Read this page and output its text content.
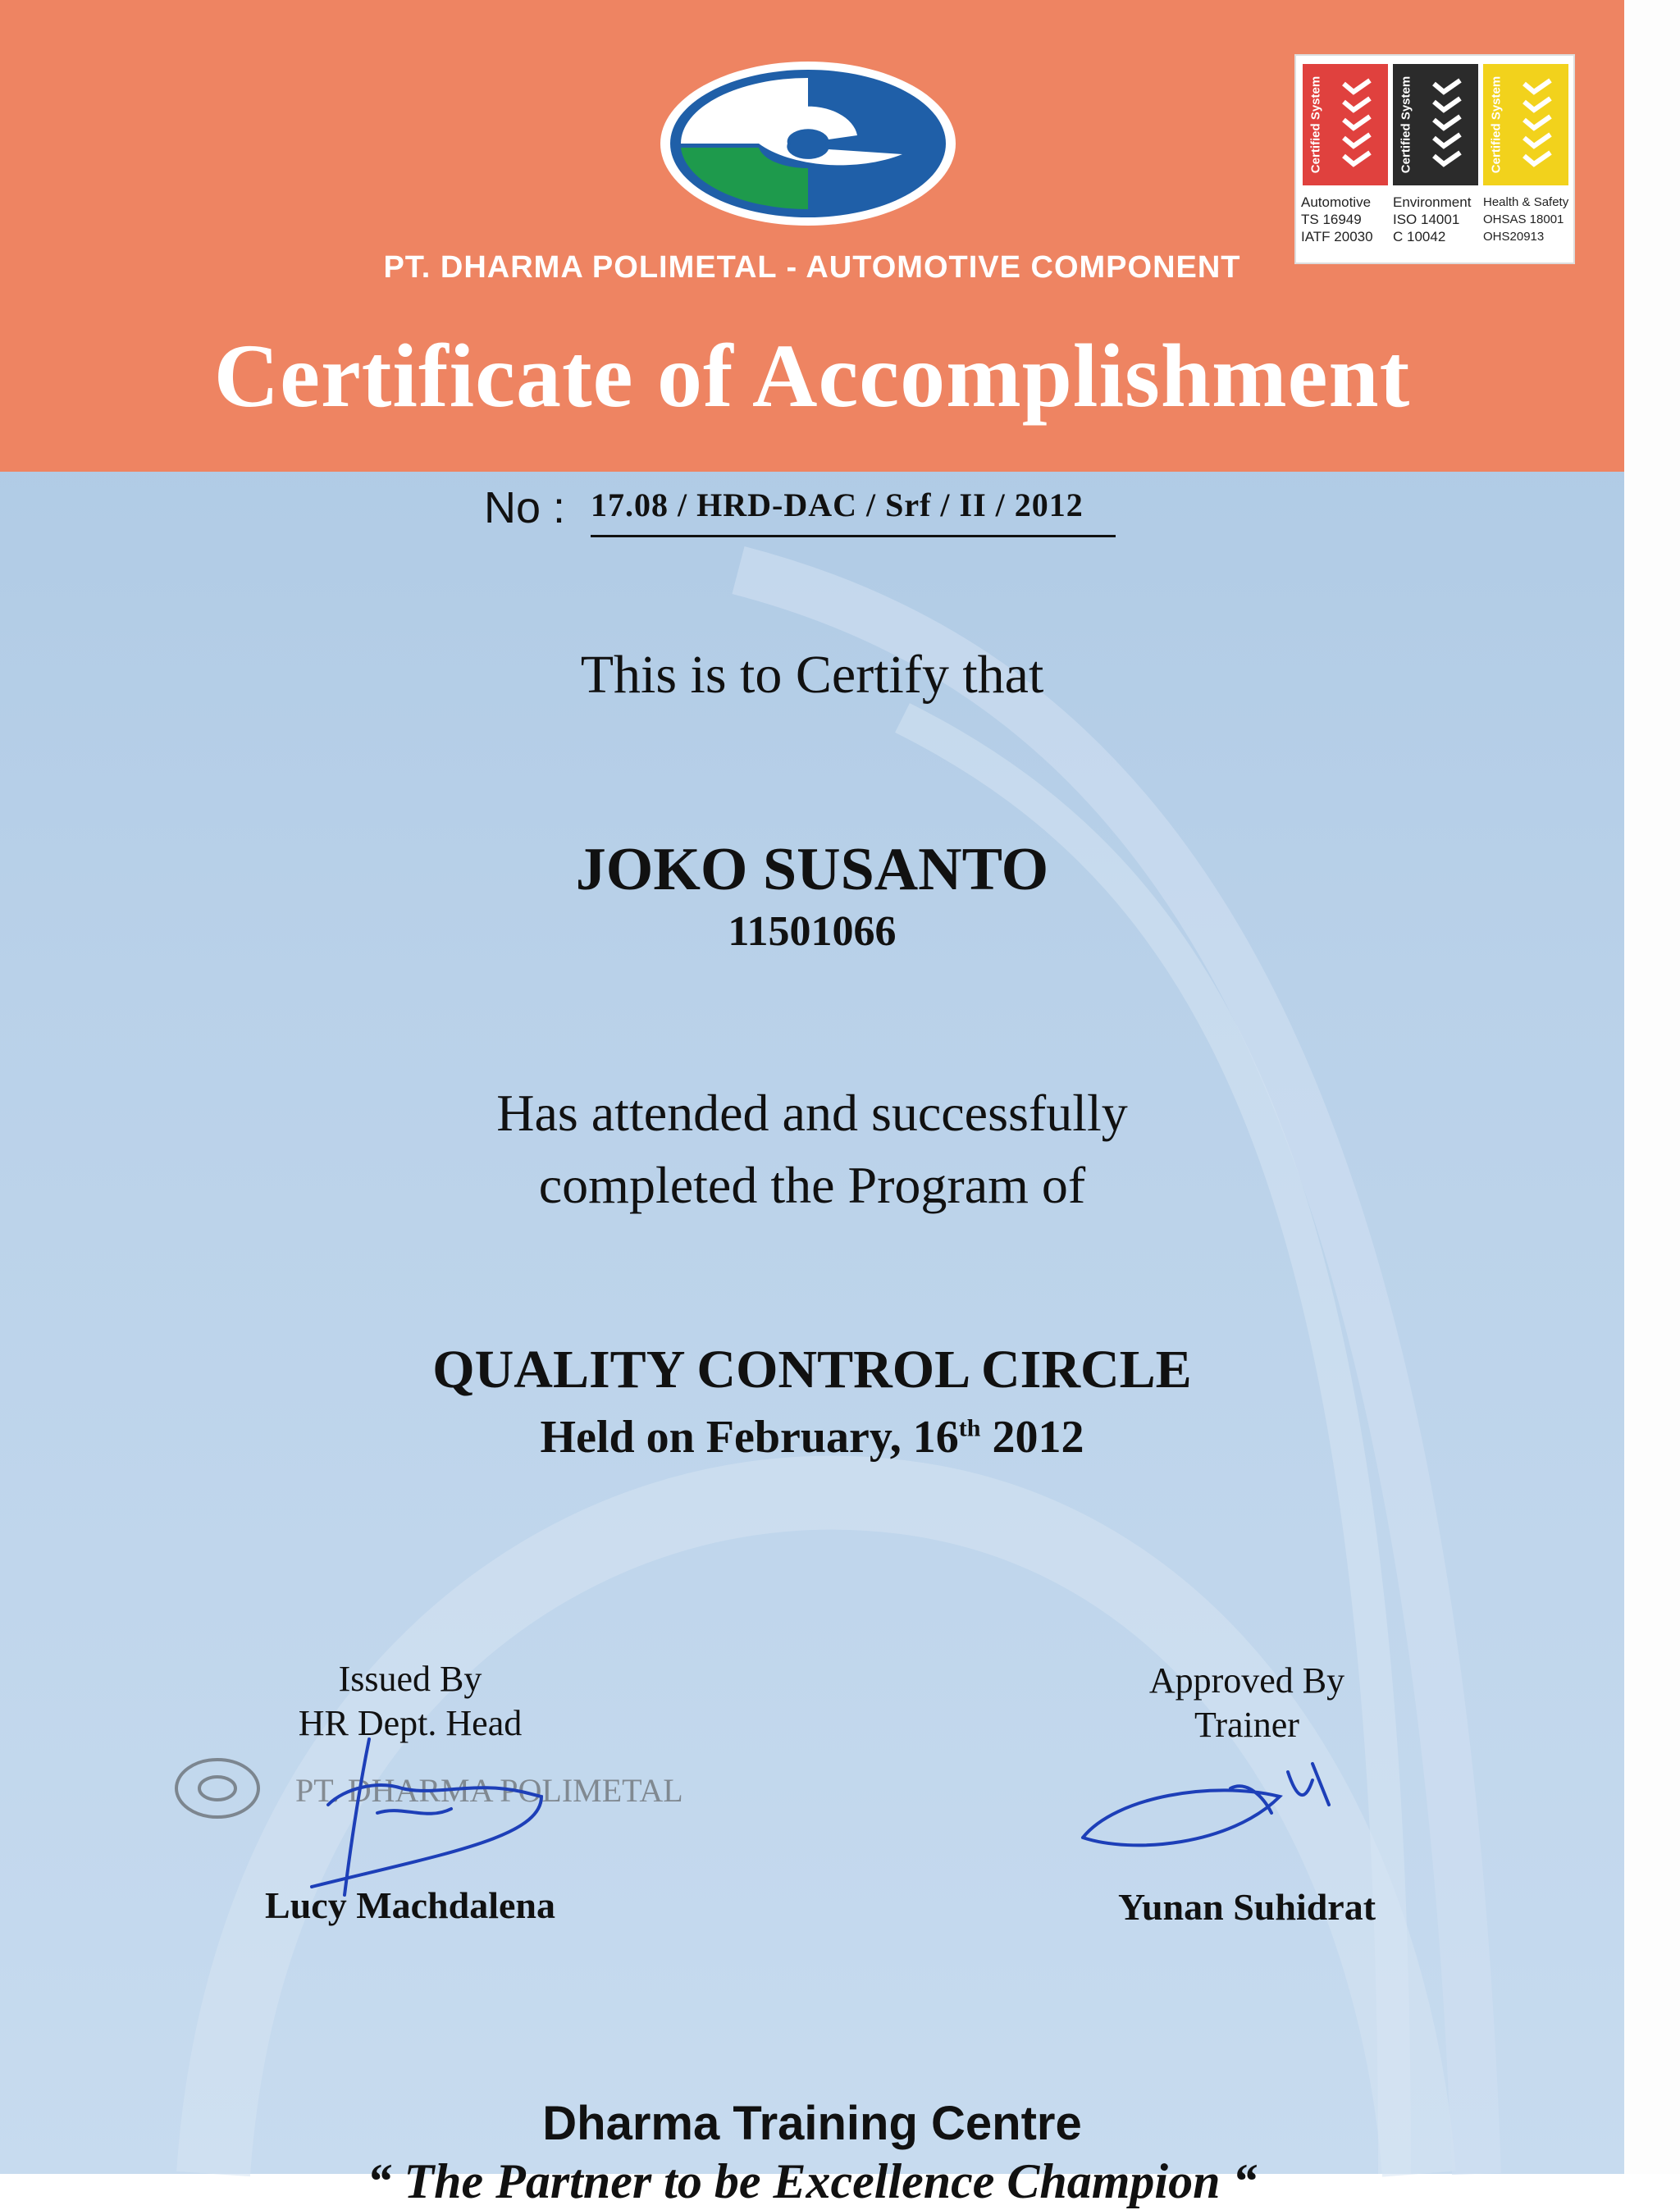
PT. DHARMA POLIMETAL - AUTOMOTIVE COMPONENT
Certificate of Accomplishment
Certified System	Certified System	Certified System
Automotive
TS 16949
IATF 20030
Environment
ISO 14001
C 10042
Health & Safety
OHSAS 18001
OHS20913
No : 17.08 / HRD-DAC / Srf / II / 2012
This is to Certify that
JOKO SUSANTO
11501066
Has attended and successfully
completed the Program of
QUALITY CONTROL CIRCLE
Held on February, 16th 2012
Issued By
HR Dept. Head
PT. DHARMA POLIMETAL
Lucy Machdalena
Approved By
Trainer
Yunan Suhidrat
Dharma Training Centre
“ The Partner to be Excellence Champion “
